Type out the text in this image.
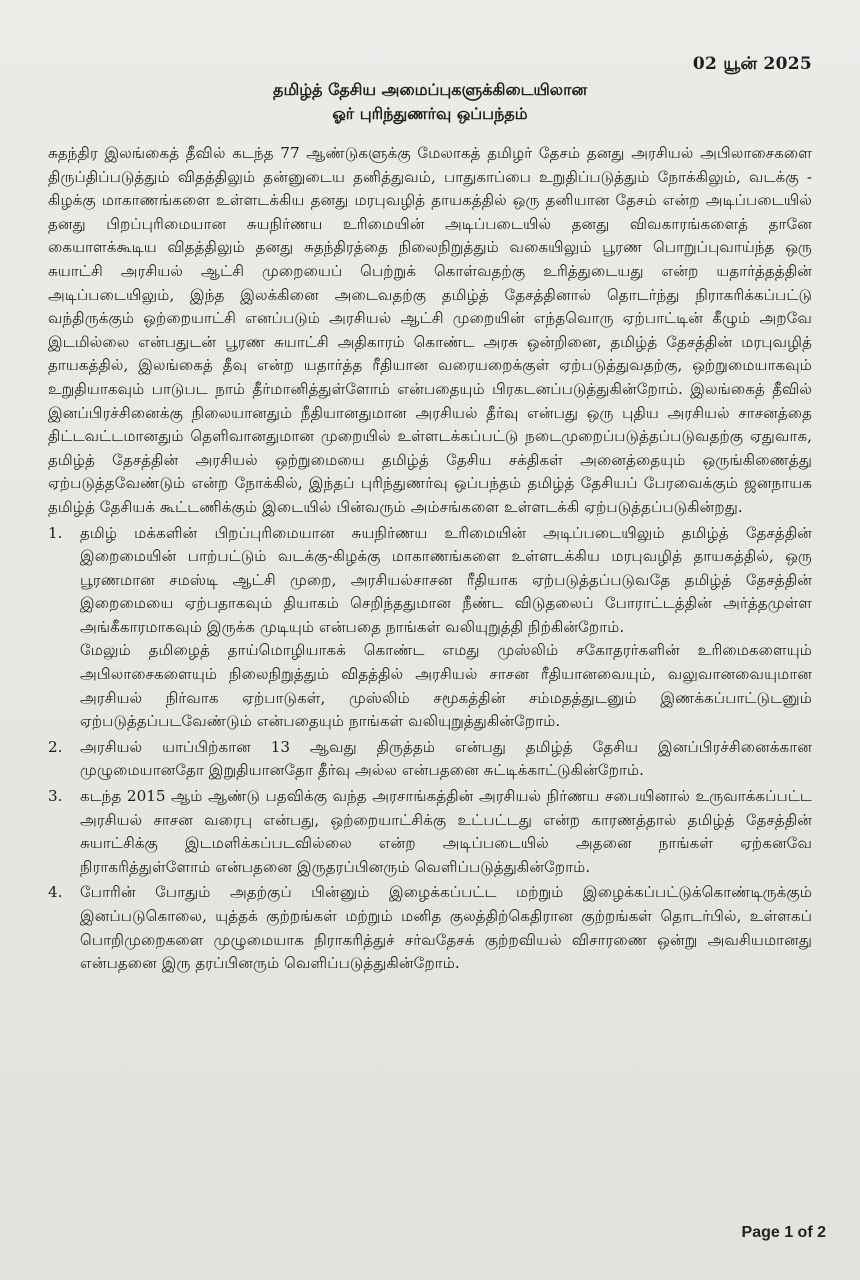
02 யூன் 2025
தமிழ்த் தேசிய அமைப்புகளுக்கிடையிலான
ஓர் புரிந்துணர்வு ஒப்பந்தம்

சுதந்திர இலங்கைத் தீவில் கடந்த 77 ஆண்டுகளுக்கு மேலாகத் தமிழர் தேசம் தனது அரசியல் அபிலாசைகளை திருப்திப்படுத்தும் விதத்திலும் தன்னுடைய தனித்துவம், பாதுகாப்பை உறுதிப்படுத்தும் நோக்கிலும், வடக்கு - கிழக்கு மாகாணங்களை உள்ளடக்கிய தனது மரபுவழித் தாயகத்தில் ஒரு தனியான தேசம் என்ற அடிப்படையில் தனது பிறப்புரிமையான சுயநிர்ணய உரிமையின் அடிப்படையில் தனது விவகாரங்களைத் தானே கையாளக்கூடிய விதத்திலும் தனது சுதந்திரத்தை நிலைநிறுத்தும் வகையிலும் பூரண பொறுப்புவாய்ந்த ஒரு சுயாட்சி அரசியல் ஆட்சி முறையைப் பெற்றுக் கொள்வதற்கு உரித்துடையது என்ற யதார்த்தத்தின் அடிப்படையிலும், இந்த இலக்கினை அடைவதற்கு தமிழ்த் தேசத்தினால் தொடர்ந்து நிராகரிக்கப்பட்டு வந்திருக்கும் ஒற்றையாட்சி எனப்படும் அரசியல் ஆட்சி முறையின் எந்தவொரு ஏற்பாட்டின் கீழும் அறவே இடமில்லை என்பதுடன் பூரண சுயாட்சி அதிகாரம் கொண்ட அரசு ஒன்றினை, தமிழ்த் தேசத்தின் மரபுவழித் தாயகத்தில், இலங்கைத் தீவு என்ற யதார்த்த ரீதியான வரையறைக்குள் ஏற்படுத்துவதற்கு, ஒற்றுமையாகவும் உறுதியாகவும் பாடுபட நாம் தீர்மானித்துள்ளோம் என்பதையும் பிரகடனப்படுத்துகின்றோம். இலங்கைத் தீவில் இனப்பிரச்சினைக்கு நிலையானதும் நீதியானதுமான அரசியல் தீர்வு என்பது ஒரு புதிய அரசியல் சாசனத்தை திட்டவட்டமானதும் தெளிவானதுமான முறையில் உள்ளடக்கப்பட்டு நடைமுறைப்படுத்தப்படுவதற்கு ஏதுவாக, தமிழ்த் தேசத்தின் அரசியல் ஒற்றுமையை தமிழ்த் தேசிய சக்திகள் அனைத்தையும் ஒருங்கிணைத்து ஏற்படுத்தவேண்டும் என்ற நோக்கில், இந்தப் புரிந்துணர்வு ஒப்பந்தம் தமிழ்த் தேசியப் பேரவைக்கும் ஜனநாயக தமிழ்த் தேசியக் கூட்டணிக்கும் இடையில் பின்வரும் அம்சங்களை உள்ளடக்கி ஏற்படுத்தப்படுகின்றது.

1.	தமிழ் மக்களின் பிறப்புரிமையான சுயநிர்ணய உரிமையின் அடிப்படையிலும் தமிழ்த் தேசத்தின் இறைமையின் பாற்பட்டும் வடக்கு-கிழக்கு மாகாணங்களை உள்ளடக்கிய மரபுவழித் தாயகத்தில், ஒரு பூரணமான சமஸ்டி ஆட்சி முறை, அரசியல்சாசன ரீதியாக ஏற்படுத்தப்படுவதே தமிழ்த் தேசத்தின் இறைமையை ஏற்பதாகவும் தியாகம் செறிந்ததுமான நீண்ட விடுதலைப் போராட்டத்தின் அர்த்தமுள்ள அங்கீகாரமாகவும் இருக்க முடியும் என்பதை நாங்கள் வலியுறுத்தி நிற்கின்றோம்.

மேலும் தமிழைத் தாய்மொழியாகக் கொண்ட எமது முஸ்லிம் சகோதரர்களின் உரிமைகளையும் அபிலாசைகளையும் நிலைநிறுத்தும் விதத்தில் அரசியல் சாசன ரீதியானவையும், வலுவானவையுமான அரசியல் நிர்வாக ஏற்பாடுகள், முஸ்லிம் சமூகத்தின் சம்மதத்துடனும் இணக்கப்பாட்டுடனும் ஏற்படுத்தப்படவேண்டும் என்பதையும் நாங்கள் வலியுறுத்துகின்றோம்.

2.	அரசியல் யாப்பிற்கான 13 ஆவது திருத்தம் என்பது தமிழ்த் தேசிய இனப்பிரச்சினைக்கான முழுமையானதோ இறுதியானதோ தீர்வு அல்ல என்பதனை சுட்டிக்காட்டுகின்றோம்.

3.	கடந்த 2015 ஆம் ஆண்டு பதவிக்கு வந்த அரசாங்கத்தின் அரசியல் நிர்ணய சபையினால் உருவாக்கப்பட்ட அரசியல் சாசன வரைபு என்பது, ஒற்றையாட்சிக்கு உட்பட்டது என்ற காரணத்தால் தமிழ்த் தேசத்தின் சுயாட்சிக்கு இடமளிக்கப்படவில்லை என்ற அடிப்படையில் அதனை நாங்கள் ஏற்கனவே நிராகரித்துள்ளோம் என்பதனை இருதரப்பினரும் வெளிப்படுத்துகின்றோம்.

4.	போரின் போதும் அதற்குப் பின்னும் இழைக்கப்பட்ட மற்றும் இழைக்கப்பட்டுக்கொண்டிருக்கும் இனப்படுகொலை, யுத்தக் குற்றங்கள் மற்றும் மனித குலத்திற்கெதிரான குற்றங்கள் தொடர்பில், உள்ளகப் பொறிமுறைகளை முழுமையாக நிராகரித்துச் சர்வதேசக் குற்றவியல் விசாரணை ஒன்று அவசியமானது என்பதனை இரு தரப்பினரும் வெளிப்படுத்துகின்றோம்.

Page 1 of 2
